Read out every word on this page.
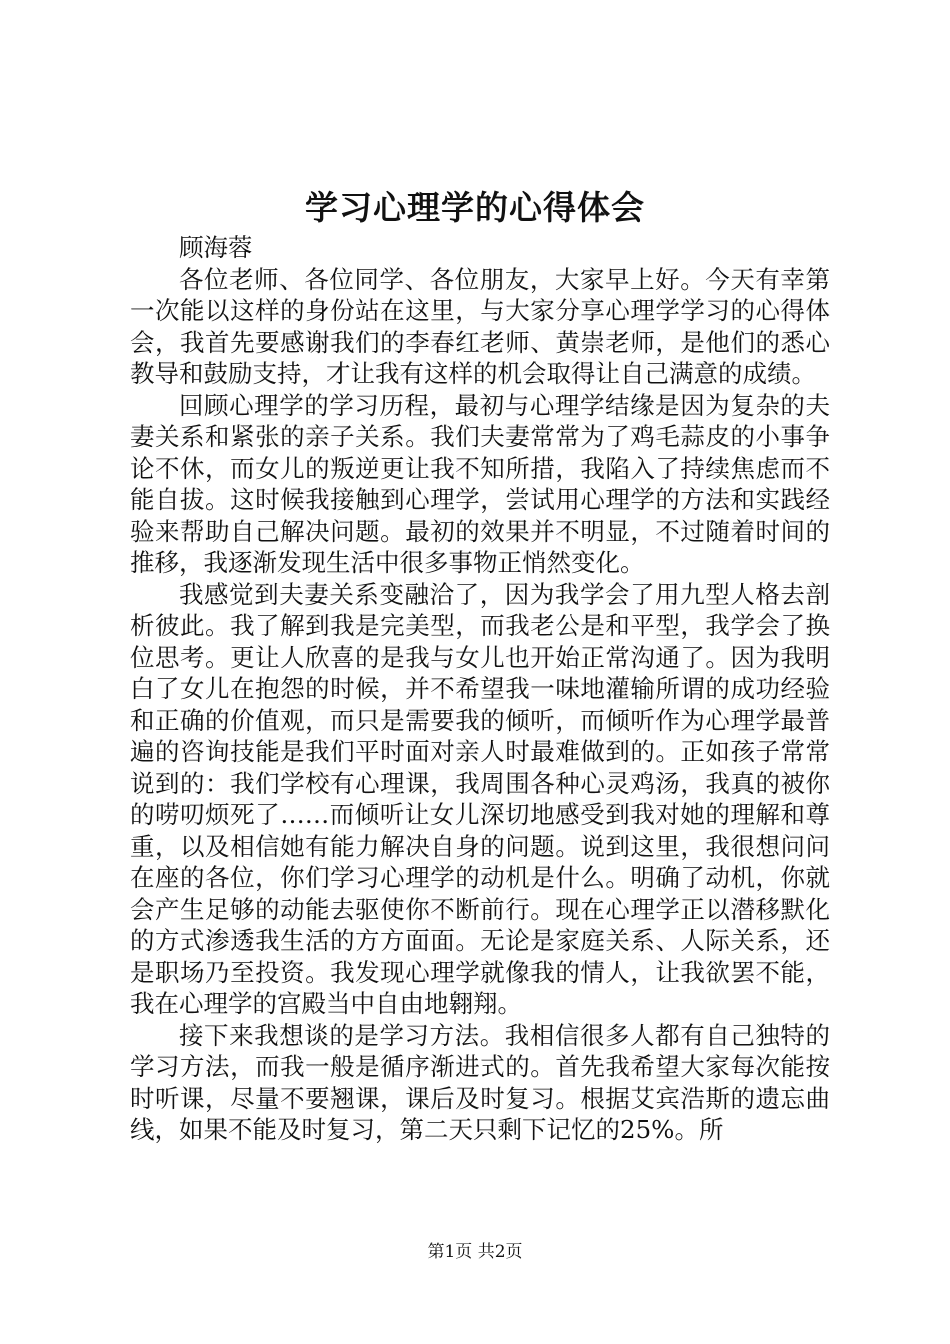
学习心理学的心得体会

顾海蓉

各位老师、各位同学、各位朋友，大家早上好。今天有幸第一次能以这样的身份站在这里，与大家分享心理学学习的心得体会，我首先要感谢我们的李春红老师、黄崇老师，是他们的悉心教导和鼓励支持，才让我有这样的机会取得让自己满意的成绩。

回顾心理学的学习历程，最初与心理学结缘是因为复杂的夫妻关系和紧张的亲子关系。我们夫妻常常为了鸡毛蒜皮的小事争论不休，而女儿的叛逆更让我不知所措，我陷入了持续焦虑而不能自拔。这时候我接触到心理学，尝试用心理学的方法和实践经验来帮助自己解决问题。最初的效果并不明显，不过随着时间的推移，我逐渐发现生活中很多事物正悄然变化。

我感觉到夫妻关系变融洽了，因为我学会了用九型人格去剖析彼此。我了解到我是完美型，而我老公是和平型，我学会了换位思考。更让人欣喜的是我与女儿也开始正常沟通了。因为我明白了女儿在抱怨的时候，并不希望我一味地灌输所谓的成功经验和正确的价值观，而只是需要我的倾听，而倾听作为心理学最普遍的咨询技能是我们平时面对亲人时最难做到的。正如孩子常常说到的：我们学校有心理课，我周围各种心灵鸡汤，我真的被你的唠叨烦死了……而倾听让女儿深切地感受到我对她的理解和尊重，以及相信她有能力解决自身的问题。说到这里，我很想问问在座的各位，你们学习心理学的动机是什么。明确了动机，你就会产生足够的动能去驱使你不断前行。现在心理学正以潜移默化的方式渗透我生活的方方面面。无论是家庭关系、人际关系，还是职场乃至投资。我发现心理学就像我的情人，让我欲罢不能，我在心理学的宫殿当中自由地翱翔。

接下来我想谈的是学习方法。我相信很多人都有自己独特的学习方法，而我一般是循序渐进式的。首先我希望大家每次能按时听课，尽量不要翘课，课后及时复习。根据艾宾浩斯的遗忘曲线，如果不能及时复习，第二天只剩下记忆的25%。所

第1页 共2页
